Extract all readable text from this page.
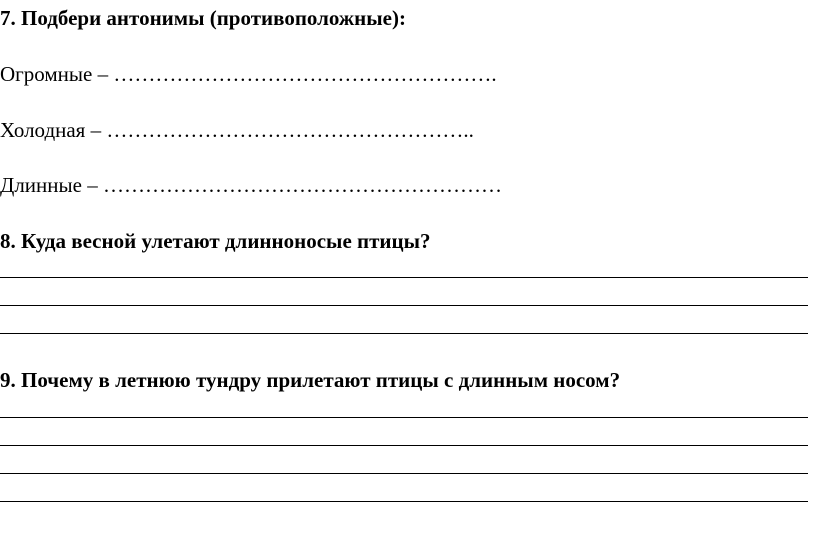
7. Подбери антонимы (противоположные):
Огромные – ……………………………………………….
Холодная – ……………………………………………..
Длинные – …………………………………………………
8. Куда весной улетают длинноносые птицы?
9. Почему в летнюю тундру прилетают птицы с длинным носом?
